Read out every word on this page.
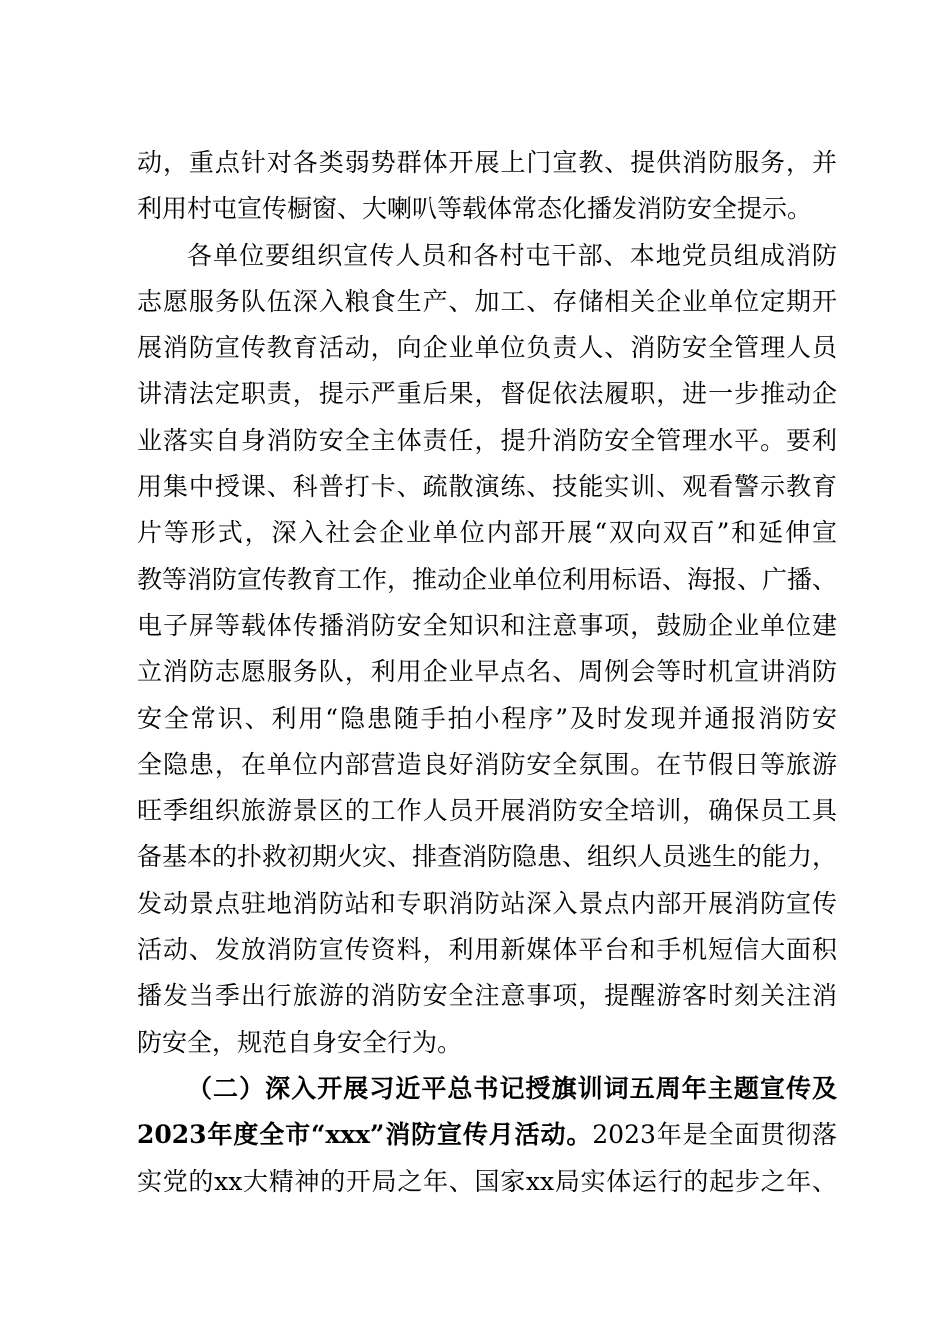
动，重点针对各类弱势群体开展上门宣教、提供消防服务，并
利用村屯宣传橱窗、大喇叭等载体常态化播发消防安全提示。
各单位要组织宣传人员和各村屯干部、本地党员组成消防
志愿服务队伍深入粮食生产、加工、存储相关企业单位定期开
展消防宣传教育活动，向企业单位负责人、消防安全管理人员
讲清法定职责，提示严重后果，督促依法履职，进一步推动企
业落实自身消防安全主体责任，提升消防安全管理水平。要利
用集中授课、科普打卡、疏散演练、技能实训、观看警示教育
片等形式，深入社会企业单位内部开展“双向双百”和延伸宣
教等消防宣传教育工作，推动企业单位利用标语、海报、广播、
电子屏等载体传播消防安全知识和注意事项，鼓励企业单位建
立消防志愿服务队，利用企业早点名、周例会等时机宣讲消防
安全常识、利用“隐患随手拍小程序”及时发现并通报消防安
全隐患，在单位内部营造良好消防安全氛围。在节假日等旅游
旺季组织旅游景区的工作人员开展消防安全培训，确保员工具
备基本的扑救初期火灾、排查消防隐患、组织人员逃生的能力，
发动景点驻地消防站和专职消防站深入景点内部开展消防宣传
活动、发放消防宣传资料，利用新媒体平台和手机短信大面积
播发当季出行旅游的消防安全注意事项，提醒游客时刻关注消
防安全，规范自身安全行为。
（二）深入开展习近平总书记授旗训词五周年主题宣传及
2023年度全市“xxx”消防宣传月活动。2023年是全面贯彻落
实党的xx大精神的开局之年、国家xx局实体运行的起步之年、
